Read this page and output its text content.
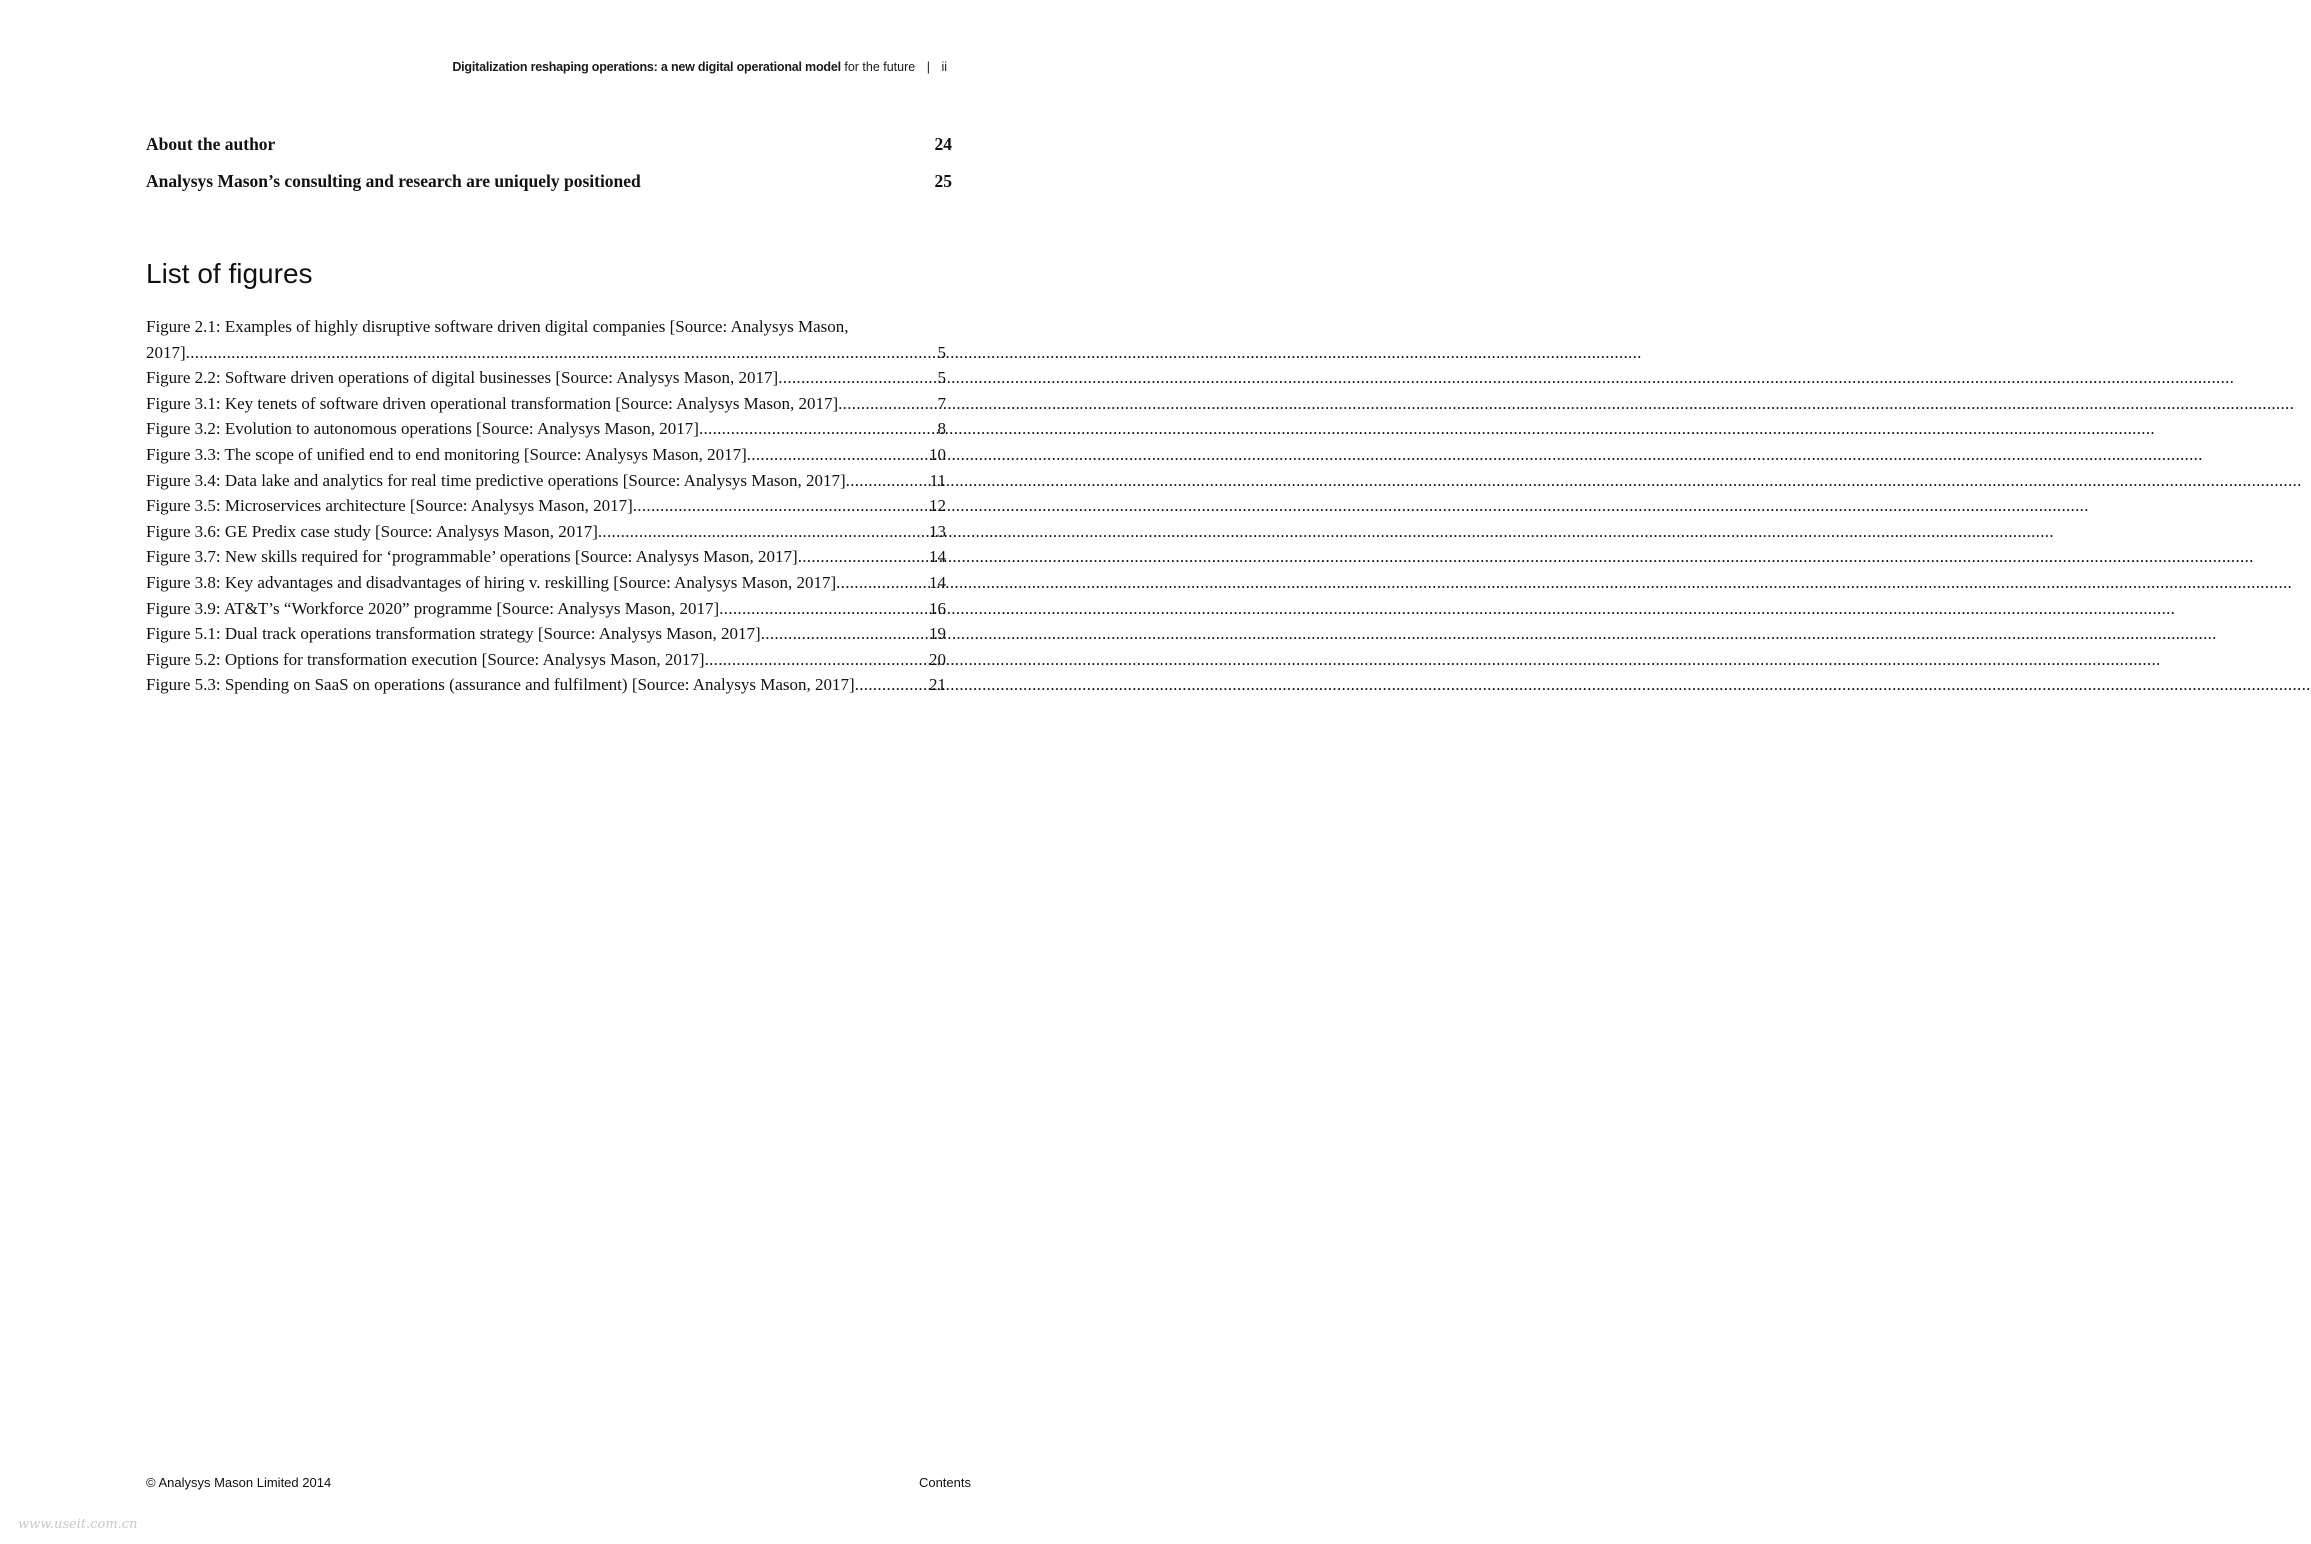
Digitalization reshaping operations: a new digital operational model for the future | ii
About the author	24
Analysys Mason’s consulting and research are uniquely positioned	25
List of figures
Figure 2.1: Examples of highly disruptive software driven digital companies [Source: Analysys Mason,
2017] .....	5
Figure 2.2: Software driven operations of digital businesses [Source: Analysys Mason, 2017] .....	5
Figure 3.1: Key tenets of software driven operational transformation [Source: Analysys Mason, 2017] .....	7
Figure 3.2: Evolution to autonomous operations [Source: Analysys Mason, 2017] .....	8
Figure 3.3: The scope of unified end to end monitoring [Source: Analysys Mason, 2017] .....	10
Figure 3.4: Data lake and analytics for real time predictive operations [Source: Analysys Mason, 2017] .....	11
Figure 3.5: Microservices architecture [Source: Analysys Mason, 2017] .....	12
Figure 3.6: GE Predix case study [Source: Analysys Mason, 2017] .....	13
Figure 3.7: New skills required for ‘programmable’ operations [Source: Analysys Mason, 2017] .....	14
Figure 3.8: Key advantages and disadvantages of hiring v. reskilling [Source: Analysys Mason, 2017] .....	14
Figure 3.9: AT&T’s “Workforce 2020” programme [Source: Analysys Mason, 2017] .....	16
Figure 5.1: Dual track operations transformation strategy [Source: Analysys Mason, 2017] .....	19
Figure 5.2: Options for transformation execution [Source: Analysys Mason, 2017] .....	20
Figure 5.3: Spending on SaaS on operations (assurance and fulfilment) [Source: Analysys Mason, 2017] .....	21
© Analysys Mason Limited 2014	Contents
www.useit.com.cn
